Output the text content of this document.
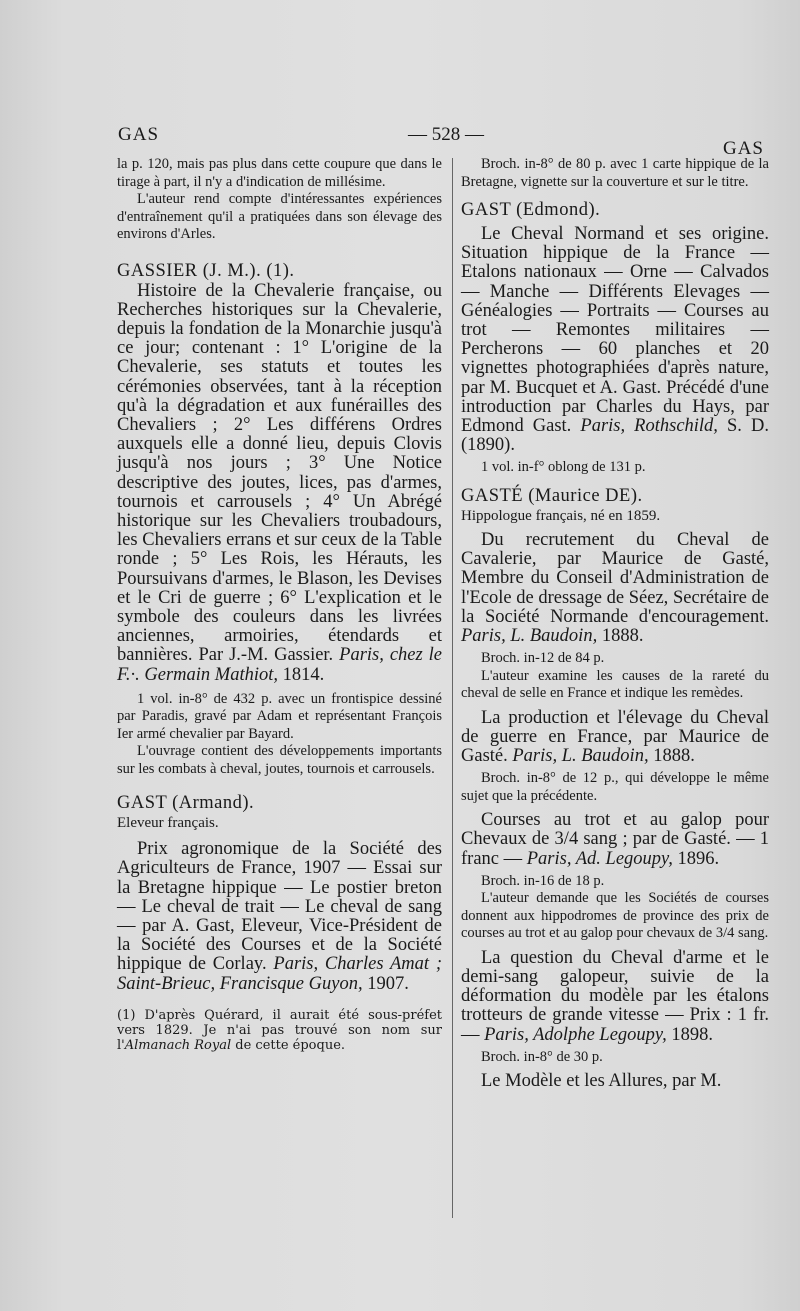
GAS	— 528 —
GAS
la p. 120, mais pas plus dans cette coupure que dans le tirage à part, il n'y a d'indication de millésime.
L'auteur rend compte d'intéressantes expériences d'entraînement qu'il a pratiquées dans son élevage des environs d'Arles.
GASSIER (J. M.). (1).
Histoire de la Chevalerie française, ou Recherches historiques sur la Chevalerie, depuis la fondation de la Monarchie jusqu'à ce jour; contenant : 1° L'origine de la Chevalerie, ses statuts et toutes les cérémonies observées, tant à la réception qu'à la dégradation et aux funérailles des Chevaliers ; 2° Les différens Ordres auxquels elle a donné lieu, depuis Clovis jusqu'à nos jours ; 3° Une Notice descriptive des joutes, lices, pas d'armes, tournois et carrousels ; 4° Un Abrégé historique sur les Chevaliers troubadours, les Chevaliers errans et sur ceux de la Table ronde ; 5° Les Rois, les Hérauts, les Poursuivans d'armes, le Blason, les Devises et le Cri de guerre ; 6° L'explication et le symbole des couleurs dans les livrées anciennes, armoiries, étendards et bannières. Par J.-M. Gassier. Paris, chez le F.·. Germain Mathiot, 1814.
1 vol. in-8° de 432 p. avec un frontispice dessiné par Paradis, gravé par Adam et représentant François Ier armé chevalier par Bayard.
L'ouvrage contient des développements importants sur les combats à cheval, joutes, tournois et carrousels.
GAST (Armand).
Eleveur français.
Prix agronomique de la Société des Agriculteurs de France, 1907 — Essai sur la Bretagne hippique — Le postier breton — Le cheval de trait — Le cheval de sang — par A. Gast, Eleveur, Vice-Président de la Société des Courses et de la Société hippique de Corlay. Paris, Charles Amat ; Saint-Brieuc, Francisque Guyon, 1907.
(1) D'après Quérard, il aurait été sous-préfet vers 1829. Je n'ai pas trouvé son nom sur l'Almanach Royal de cette époque.
Broch. in-8° de 80 p. avec 1 carte hippique de la Bretagne, vignette sur la couverture et sur le titre.
GAST (Edmond).
Le Cheval Normand et ses origine. Situation hippique de la France — Etalons nationaux — Orne — Calvados — Manche — Différents Elevages — Généalogies — Portraits — Courses au trot — Remontes militaires — Percherons — 60 planches et 20 vignettes photographiées d'après nature, par M. Bucquet et A. Gast. Précédé d'une introduction par Charles du Hays, par Edmond Gast. Paris, Rothschild, S. D. (1890).
1 vol. in-f° oblong de 131 p.
GASTÉ (Maurice DE).
Hippologue français, né en 1859.
Du recrutement du Cheval de Cavalerie, par Maurice de Gasté, Membre du Conseil d'Administration de l'Ecole de dressage de Séez, Secrétaire de la Société Normande d'encouragement. Paris, L. Baudoin, 1888.
Broch. in-12 de 84 p.
L'auteur examine les causes de la rareté du cheval de selle en France et indique les remèdes.
La production et l'élevage du Cheval de guerre en France, par Maurice de Gasté. Paris, L. Baudoin, 1888.
Broch. in-8° de 12 p., qui développe le même sujet que la précédente.
Courses au trot et au galop pour Chevaux de 3/4 sang ; par de Gasté. — 1 franc — Paris, Ad. Legoupy, 1896.
Broch. in-16 de 18 p.
L'auteur demande que les Sociétés de courses donnent aux hippodromes de province des prix de courses au trot et au galop pour chevaux de 3/4 sang.
La question du Cheval d'arme et le demi-sang galopeur, suivie de la déformation du modèle par les étalons trotteurs de grande vitesse — Prix : 1 fr. — Paris, Adolphe Legoupy, 1898.
Broch. in-8° de 30 p.
Le Modèle et les Allures, par M.
